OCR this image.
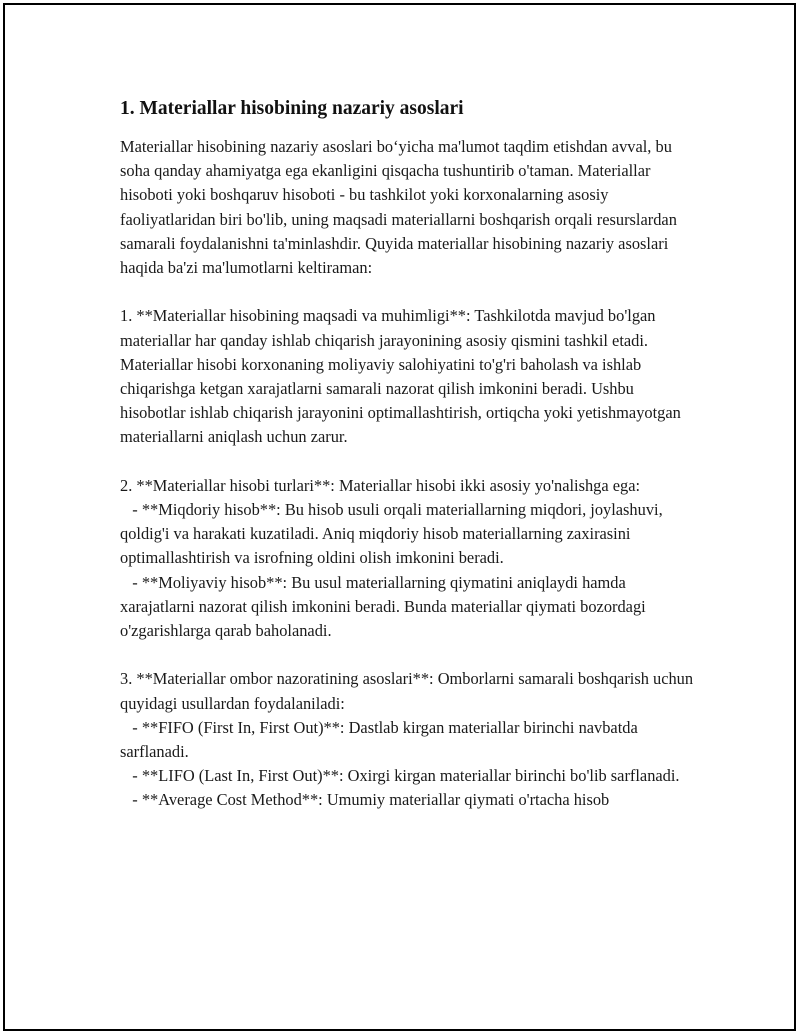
1. Materiallar hisobining nazariy asoslari

Materiallar hisobining nazariy asoslari bo‘yicha ma'lumot taqdim etishdan avval, bu soha qanday ahamiyatga ega ekanligini qisqacha tushuntirib o'taman. Materiallar hisoboti yoki boshqaruv hisoboti - bu tashkilot yoki korxonalarning asosiy faoliyatlaridan biri bo'lib, uning maqsadi materiallarni boshqarish orqali resurslardan samarali foydalanishni ta'minlashdir. Quyida materiallar hisobining nazariy asoslari haqida ba'zi ma'lumotlarni keltiraman:

1. **Materiallar hisobining maqsadi va muhimligi**: Tashkilotda mavjud bo'lgan materiallar har qanday ishlab chiqarish jarayonining asosiy qismini tashkil etadi. Materiallar hisobi korxonaning moliyaviy salohiyatini to'g'ri baholash va ishlab chiqarishga ketgan xarajatlarni samarali nazorat qilish imkonini beradi. Ushbu hisobotlar ishlab chiqarish jarayonini optimallashtirish, ortiqcha yoki yetishmayotgan materiallarni aniqlash uchun zarur.

2. **Materiallar hisobi turlari**: Materiallar hisobi ikki asosiy yo'nalishga ega:
- **Miqdoriy hisob**: Bu hisob usuli orqali materiallarning miqdori, joylashuvi, qoldig'i va harakati kuzatiladi. Aniq miqdoriy hisob materiallarning zaxirasini optimallashtirish va isrofning oldini olish imkonini beradi.
- **Moliyaviy hisob**: Bu usul materiallarning qiymatini aniqlaydi hamda xarajatlarni nazorat qilish imkonini beradi. Bunda materiallar qiymati bozordagi o'zgarishlarga qarab baholanadi.

3. **Materiallar ombor nazoratining asoslari**: Omborlarni samarali boshqarish uchun quyidagi usullardan foydalaniladi:
- **FIFO (First In, First Out)**: Dastlab kirgan materiallar birinchi navbatda sarflanadi.
- **LIFO (Last In, First Out)**: Oxirgi kirgan materiallar birinchi bo'lib sarflanadi.
- **Average Cost Method**: Umumiy materiallar qiymati o'rtacha hisob
